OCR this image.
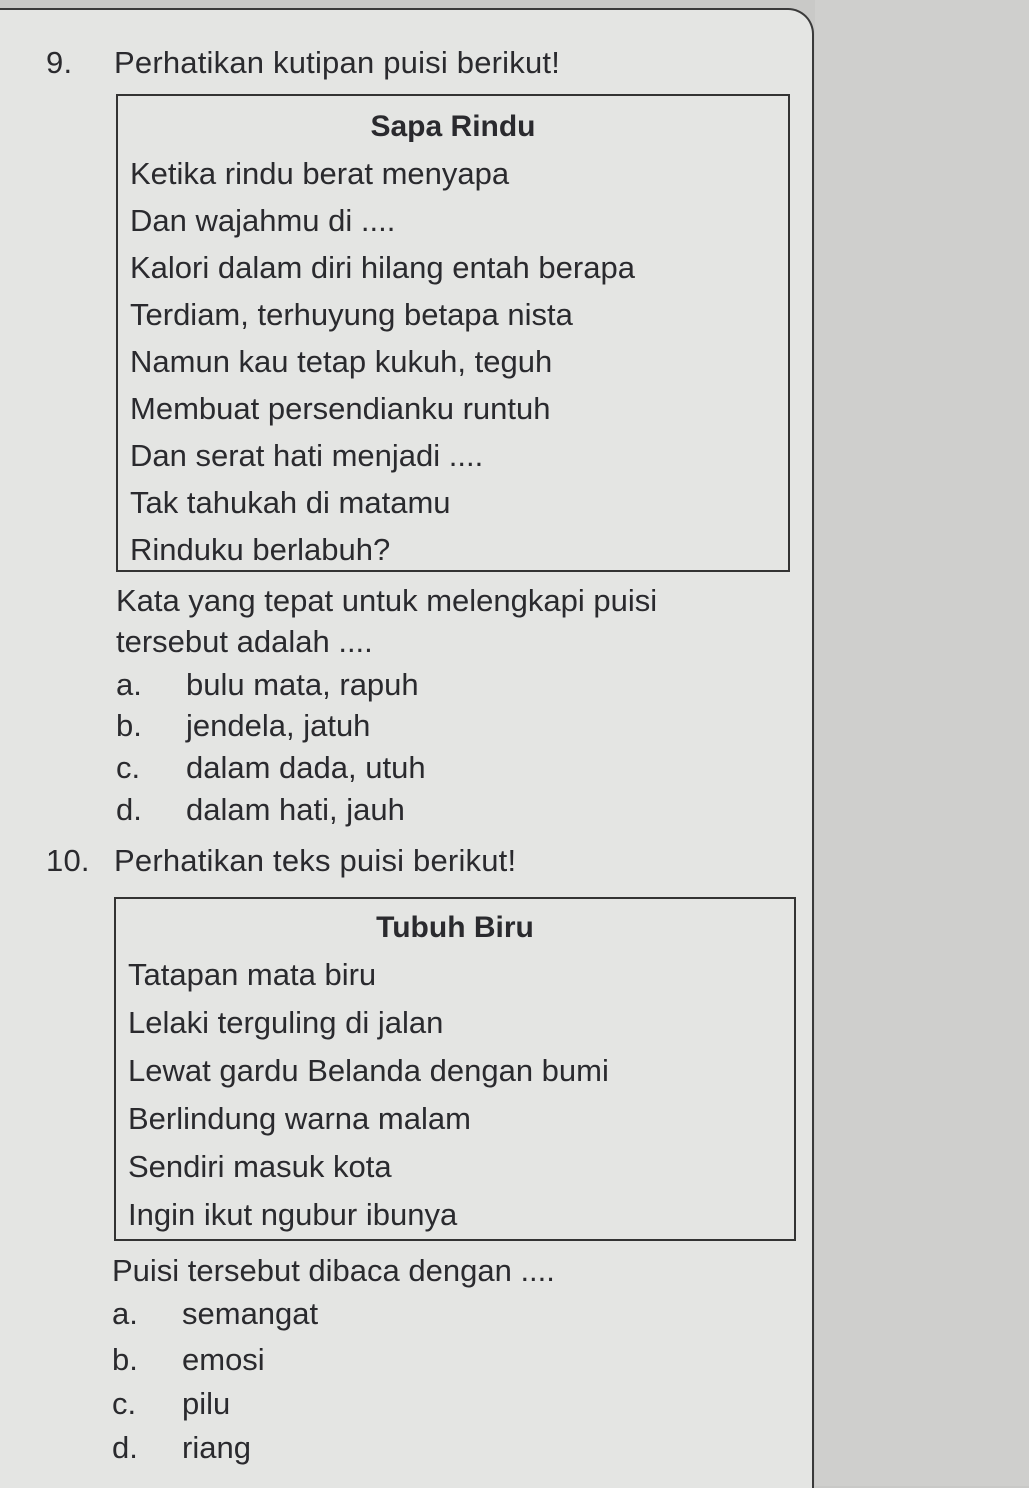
9. Perhatikan kutipan puisi berikut!
Sapa Rindu
Ketika rindu berat menyapa
Dan wajahmu di ....
Kalori dalam diri hilang entah berapa
Terdiam, terhuyung betapa nista
Namun kau tetap kukuh, teguh
Membuat persendianku runtuh
Dan serat hati menjadi ....
Tak tahukah di matamu
Rinduku berlabuh?
Kata yang tepat untuk melengkapi puisi
tersebut adalah ....
a. bulu mata, rapuh
b. jendela, jatuh
c. dalam dada, utuh
d. dalam hati, jauh
10. Perhatikan teks puisi berikut!
Tubuh Biru
Tatapan mata biru
Lelaki terguling di jalan
Lewat gardu Belanda dengan bumi
Berlindung warna malam
Sendiri masuk kota
Ingin ikut ngubur ibunya
Puisi tersebut dibaca dengan ....
a. semangat
b. emosi
c. pilu
d. riang
